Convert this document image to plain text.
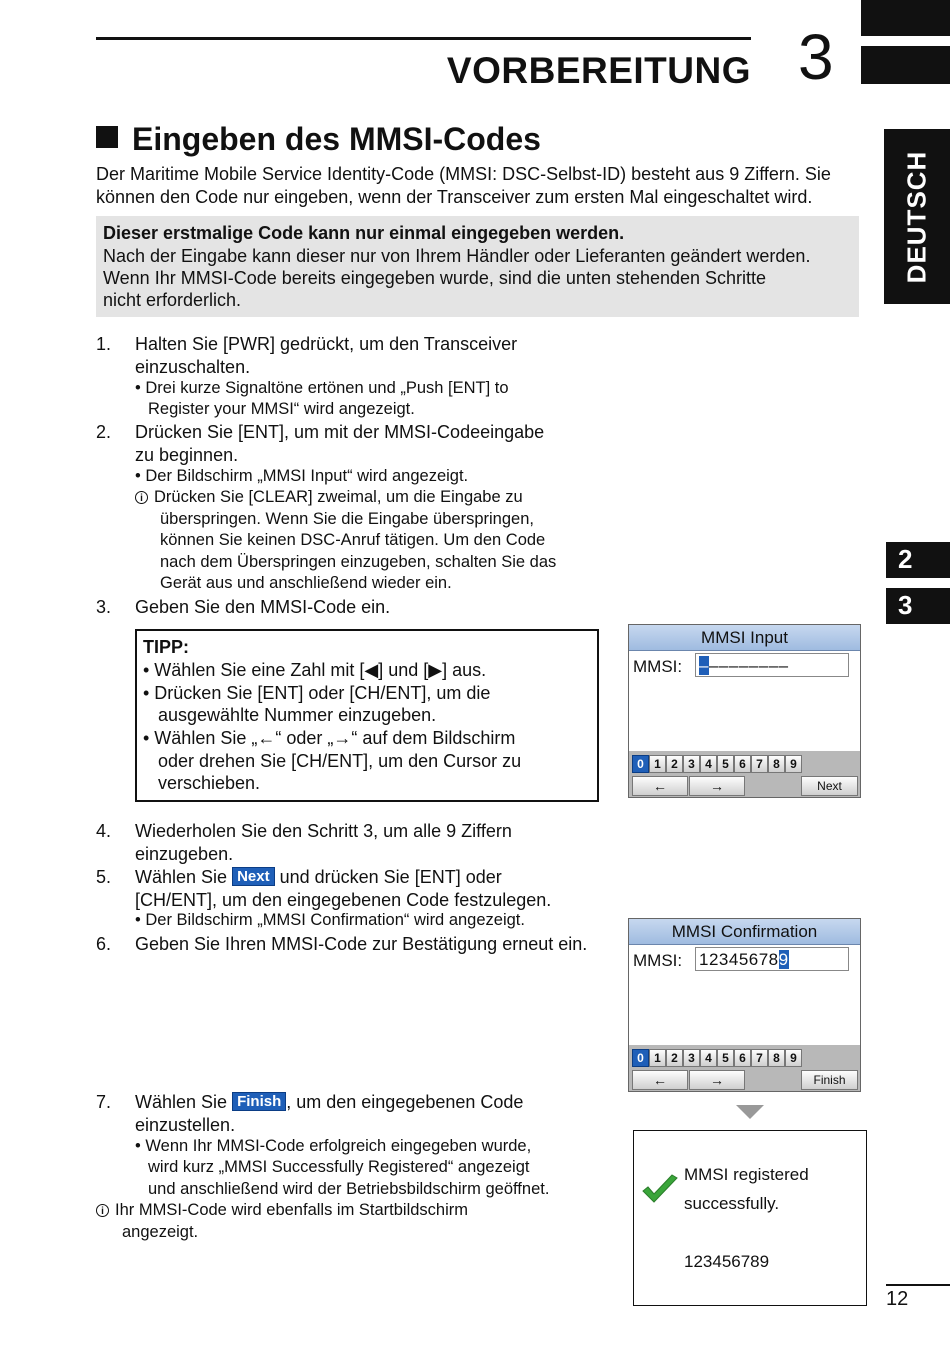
VORBEREITUNG 3
DEUTSCH
2
3
Eingeben des MMSI-Codes
Der Maritime Mobile Service Identity-Code (MMSI: DSC-Selbst-ID) besteht aus 9 Ziffern. Sie
können den Code nur eingeben, wenn der Transceiver zum ersten Mal eingeschaltet wird.
Dieser erstmalige Code kann nur einmal eingegeben werden.
Nach der Eingabe kann dieser nur von Ihrem Händler oder Lieferanten geändert werden.
Wenn Ihr MMSI-Code bereits eingegeben wurde, sind die unten stehenden Schritte
nicht erforderlich.
1. Halten Sie [PWR] gedrückt, um den Transceiver
einzuschalten.
• Drei kurze Signaltöne ertönen und „Push [ENT] to
Register your MMSI“ wird angezeigt.
2. Drücken Sie [ENT], um mit der MMSI-Codeeingabe
zu beginnen.
• Der Bildschirm „MMSI Input“ wird angezeigt.
i Drücken Sie [CLEAR] zweimal, um die Eingabe zu
überspringen. Wenn Sie die Eingabe überspringen,
können Sie keinen DSC-Anruf tätigen. Um den Code
nach dem Überspringen einzugeben, schalten Sie das
Gerät aus und anschließend wieder ein.
3. Geben Sie den MMSI-Code ein.
TIPP:
• Wählen Sie eine Zahl mit [◀] und [▶] aus.
• Drücken Sie [ENT] oder [CH/ENT], um die
ausgewählte Nummer einzugeben.
• Wählen Sie „←“ oder „→“ auf dem Bildschirm
oder drehen Sie [CH/ENT], um den Cursor zu
verschieben.
MMSI Input
MMSI: –––––––––
0 1 2 3 4 5 6 7 8 9
←	→	Next
4. Wiederholen Sie den Schritt 3, um alle 9 Ziffern
einzugeben.
5. Wählen Sie Next und drücken Sie [ENT] oder
[CH/ENT], um den eingegebenen Code festzulegen.
• Der Bildschirm „MMSI Confirmation“ wird angezeigt.
6. Geben Sie Ihren MMSI-Code zur Bestätigung erneut ein.
MMSI Confirmation
MMSI: 123456789
0 1 2 3 4 5 6 7 8 9
←	→	Finish
7. Wählen Sie Finish , um den eingegebenen Code
einzustellen.
• Wenn Ihr MMSI-Code erfolgreich eingegeben wurde,
wird kurz „MMSI Successfully Registered“ angezeigt
und anschließend wird der Betriebsbildschirm geöffnet.
i Ihr MMSI-Code wird ebenfalls im Startbildschirm
angezeigt.
MMSI registered
successfully.
123456789
12
